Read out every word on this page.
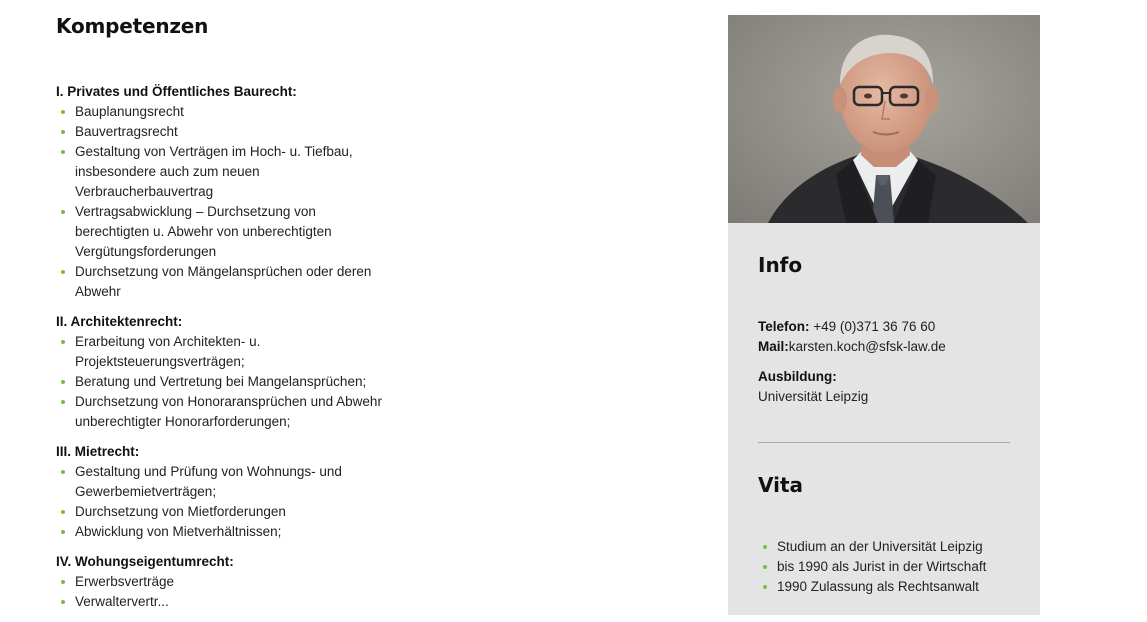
Kompetenzen

I. Privates und Öffentliches Baurecht:

Bauplanungsrecht
Bauvertragsrecht
Gestaltung von Verträgen im Hoch- u. Tiefbau, insbesondere auch zum neuen Verbraucherbauvertrag
Vertragsabwicklung – Durchsetzung von berechtigten u. Abwehr von unberechtigten Vergütungsforderungen
Durchsetzung von Mängelansprüchen oder deren Abwehr

II. Architektenrecht:

Erarbeitung von Architekten- u. Projektsteuerungsverträgen;
Beratung und Vertretung bei Mangelansprüchen;
Durchsetzung von Honoraransprüchen und Abwehr unberechtigter Honorarforderungen;

III. Mietrecht:

Gestaltung und Prüfung von Wohnungs- und Gewerbemietverträgen;
Durchsetzung von Mietforderungen
Abwicklung von Mietverhältnissen;

IV. Wohungseigentumrecht:

Erwerbsverträge
Verwaltervertr...
Info
Telefon: +49 (0)371 36 76 60
Mail:karsten.koch@sfsk-law.de
Ausbildung:
Universität Leipzig
Vita
Studium an der Universität Leipzig
bis 1990 als Jurist in der Wirtschaft
1990 Zulassung als Rechtsanwalt
